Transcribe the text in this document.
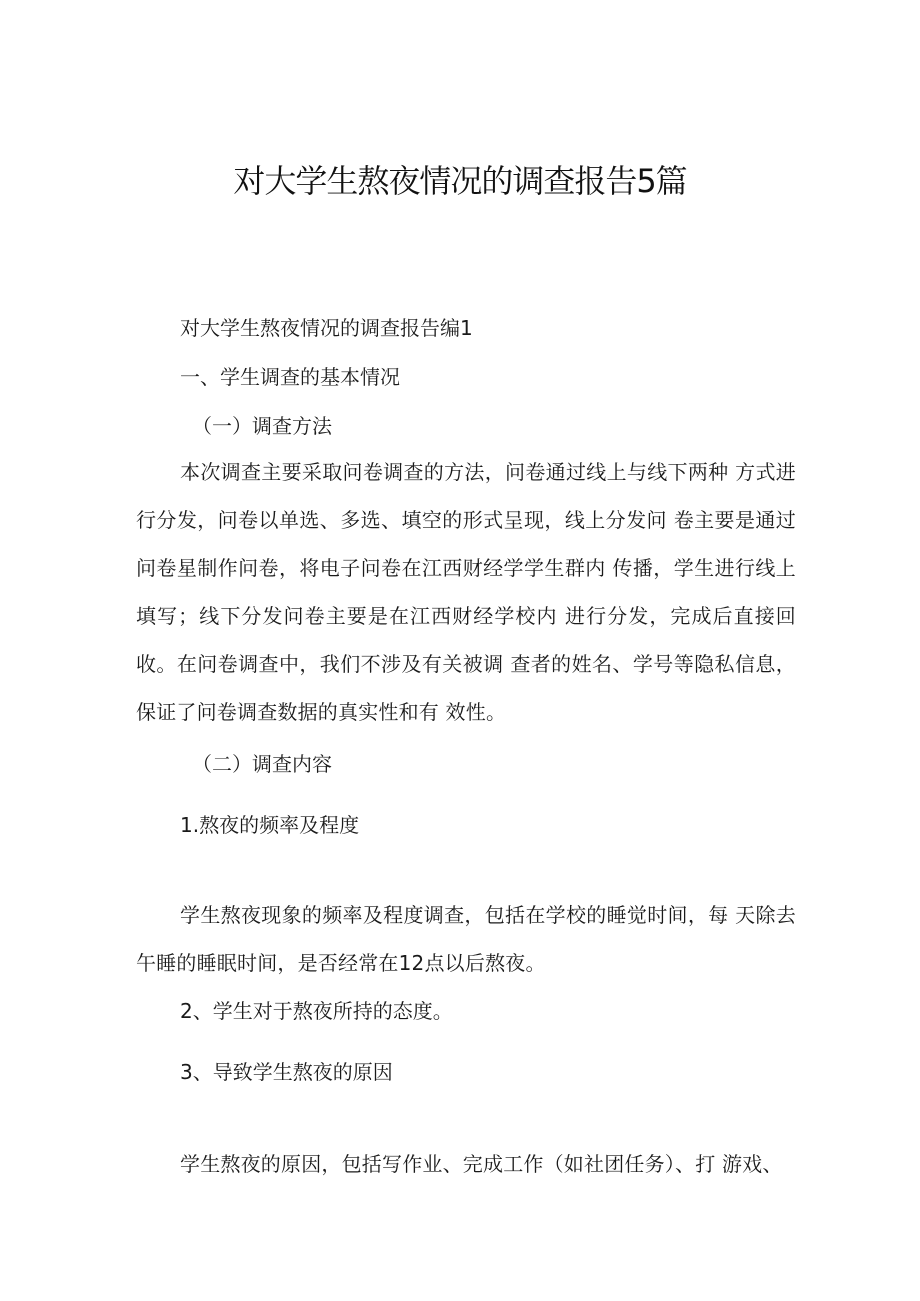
对大学生熬夜情况的调查报告5篇
对大学生熬夜情况的调查报告编1
一、学生调查的基本情况
（一）调查方法
本次调查主要采取问卷调查的方法，问卷通过线上与线下两种 方式进行分发，问卷以单选、多选、填空的形式呈现，线上分发问 卷主要是通过问卷星制作问卷，将电子问卷在江西财经学学生群内 传播，学生进行线上填写；线下分发问卷主要是在江西财经学校内 进行分发，完成后直接回收。在问卷调查中，我们不涉及有关被调 查者的姓名、学号等隐私信息，保证了问卷调查数据的真实性和有 效性。
（二）调查内容
1.熬夜的频率及程度
学生熬夜现象的频率及程度调查，包括在学校的睡觉时间，每 天除去午睡的睡眠时间，是否经常在12点以后熬夜。
2、学生对于熬夜所持的态度。
3、导致学生熬夜的原因
学生熬夜的原因，包括写作业、完成工作（如社团任务）、打 游戏、
